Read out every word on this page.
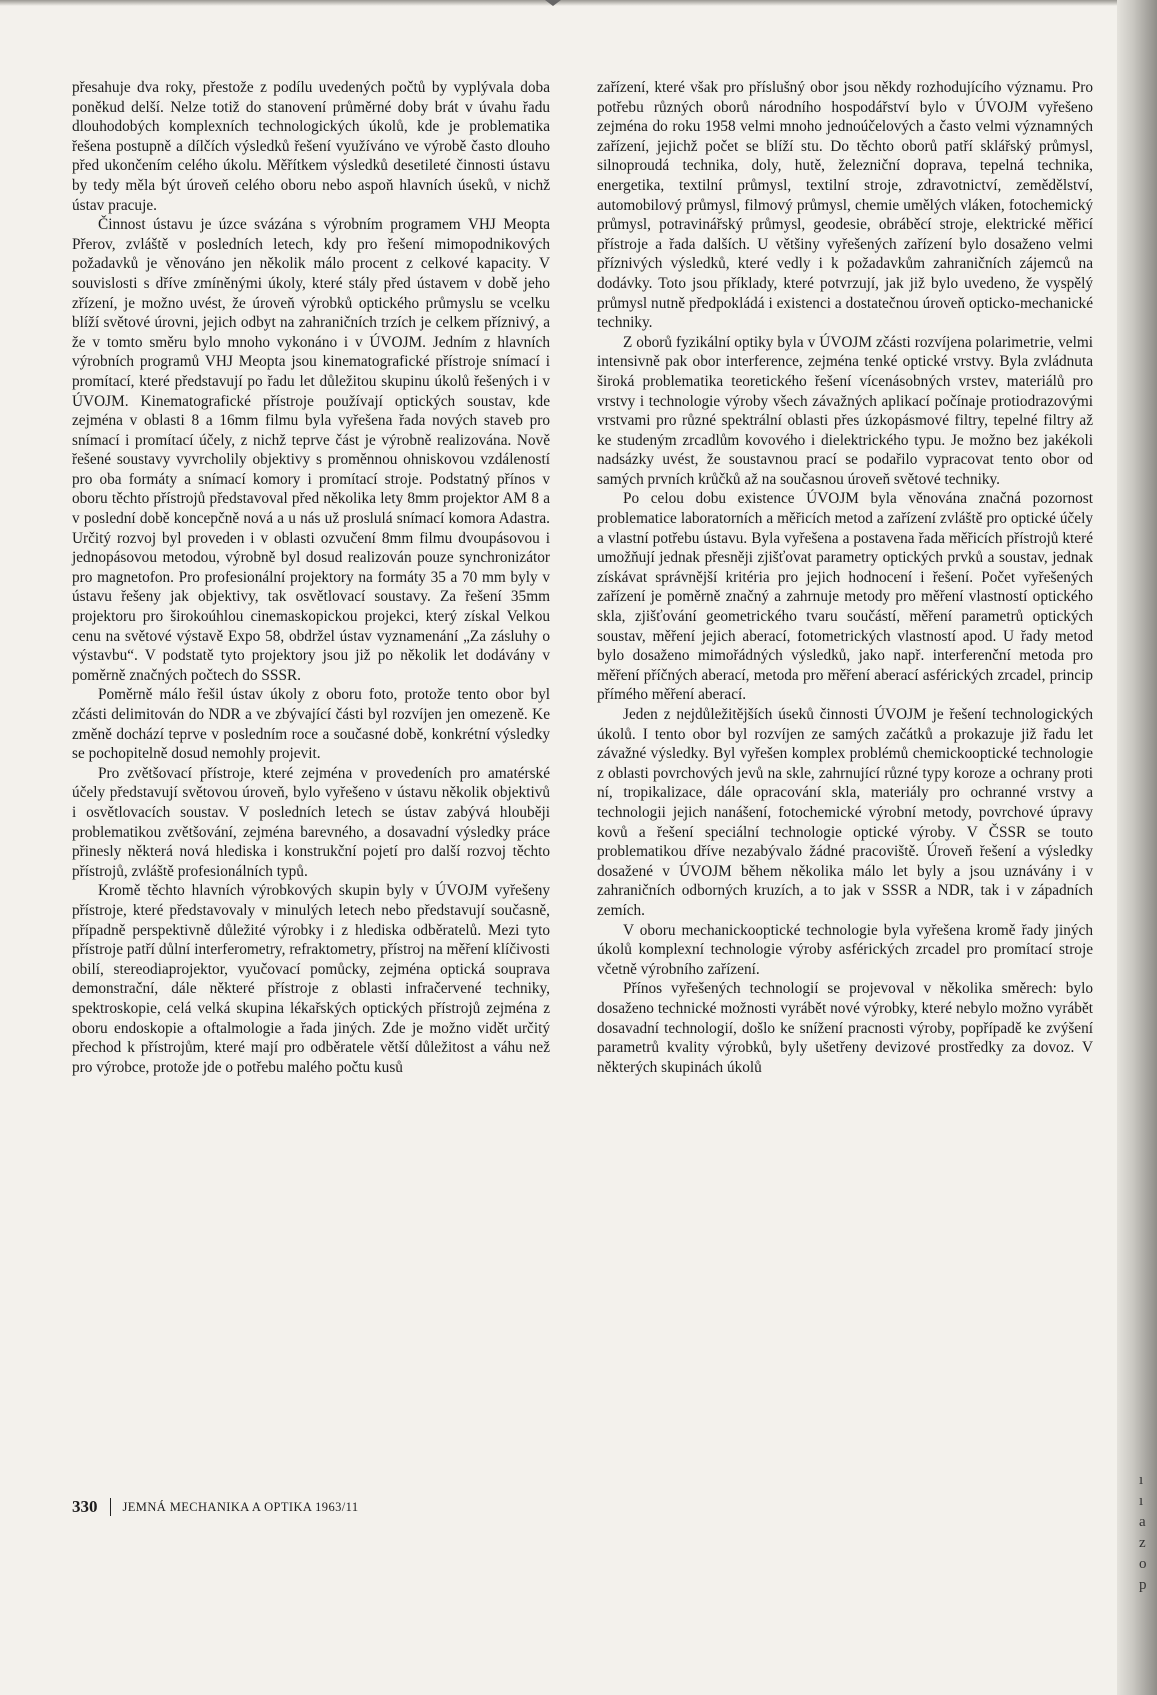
přesahuje dva roky, přestože z podílu uvedených počtů by vyplývala doba poněkud delší. Nelze totiž do stanovení průměrné doby brát v úvahu řadu dlouhodobých komplexních technologických úkolů, kde je problematika řešena postupně a dílčích výsledků řešení využíváno ve výrobě často dlouho před ukončením celého úkolu. Měřítkem výsledků desetileté činnosti ústavu by tedy měla být úroveň celého oboru nebo aspoň hlavních úseků, v nichž ústav pracuje.

Činnost ústavu je úzce svázána s výrobním programem VHJ Meopta Přerov, zvláště v posledních letech, kdy pro řešení mimopodnikových požadavků je věnováno jen několik málo procent z celkové kapacity. V souvislosti s dříve zmíněnými úkoly, které stály před ústavem v době jeho zřízení, je možno uvést, že úroveň výrobků optického průmyslu se vcelku blíží světové úrovni, jejich odbyt na zahraničních trzích je celkem příznivý, a že v tomto směru bylo mnoho vykonáno i v ÚVOJM. Jedním z hlavních výrobních programů VHJ Meopta jsou kinematografické přístroje snímací i promítací, které představují po řadu let důležitou skupinu úkolů řešených i v ÚVOJM. Kinematografické přístroje používají optických soustav, kde zejména v oblasti 8 a 16mm filmu byla vyřešena řada nových staveb pro snímací i promítací účely, z nichž teprve část je výrobně realizována. Nově řešené soustavy vyvrcholily objektivy s proměnnou ohniskovou vzdáleností pro oba formáty a snímací komory i promítací stroje. Podstatný přínos v oboru těchto přístrojů představoval před několika lety 8mm projektor AM 8 a v poslední době koncepčně nová a u nás už proslulá snímací komora Adastra. Určitý rozvoj byl proveden i v oblasti ozvučení 8mm filmu dvoupásovou i jednopásovou metodou, výrobně byl dosud realizován pouze synchronizátor pro magnetofon. Pro profesionální projektory na formáty 35 a 70 mm byly v ústavu řešeny jak objektivy, tak osvětlovací soustavy. Za řešení 35mm projektoru pro širokoúhlou cinemaskopickou projekci, který získal Velkou cenu na světové výstavě Expo 58, obdržel ústav vyznamenání „Za zásluhy o výstavbu“. V podstatě tyto projektory jsou již po několik let dodávány v poměrně značných počtech do SSSR.

Poměrně málo řešil ústav úkoly z oboru foto, protože tento obor byl zčásti delimitován do NDR a ve zbývající části byl rozvíjen jen omezeně. Ke změně dochází teprve v posledním roce a současné době, konkrétní výsledky se pochopitelně dosud nemohly projevit.

Pro zvětšovací přístroje, které zejména v provedeních pro amatérské účely představují světovou úroveň, bylo vyřešeno v ústavu několik objektivů i osvětlovacích soustav. V posledních letech se ústav zabývá hlouběji problematikou zvětšování, zejména barevného, a dosavadní výsledky práce přinesly některá nová hlediska i konstrukční pojetí pro další rozvoj těchto přístrojů, zvláště profesionálních typů.

Kromě těchto hlavních výrobkových skupin byly v ÚVOJM vyřešeny přístroje, které představovaly v minulých letech nebo představují současně, případně perspektivně důležité výrobky i z hlediska odběratelů. Mezi tyto přístroje patří důlní interferometry, refraktometry, přístroj na měření klíčivosti obilí, stereodiaprojektor, vyučovací pomůcky, zejména optická souprava demonstrační, dále některé přístroje z oblasti infračervené techniky, spektroskopie, celá velká skupina lékařských optických přístrojů zejména z oboru endoskopie a oftalmologie a řada jiných. Zde je možno vidět určitý přechod k přístrojům, které mají pro odběratele větší důležitost a váhu než pro výrobce, protože jde o potřebu malého počtu kusů

zařízení, které však pro příslušný obor jsou někdy rozhodujícího významu. Pro potřebu různých oborů národního hospodářství bylo v ÚVOJM vyřešeno zejména do roku 1958 velmi mnoho jednoúčelových a často velmi významných zařízení, jejichž počet se blíží stu. Do těchto oborů patří sklářský průmysl, silnoproudá technika, doly, hutě, železniční doprava, tepelná technika, energetika, textilní průmysl, textilní stroje, zdravotnictví, zemědělství, automobilový průmysl, filmový průmysl, chemie umělých vláken, fotochemický průmysl, potravinářský průmysl, geodesie, obráběcí stroje, elektrické měřicí přístroje a řada dalších. U většiny vyřešených zařízení bylo dosaženo velmi příznivých výsledků, které vedly i k požadavkům zahraničních zájemců na dodávky. Toto jsou příklady, které potvrzují, jak již bylo uvedeno, že vyspělý průmysl nutně předpokládá i existenci a dostatečnou úroveň opticko-mechanické techniky.

Z oborů fyzikální optiky byla v ÚVOJM zčásti rozvíjena polarimetrie, velmi intensivně pak obor interference, zejména tenké optické vrstvy. Byla zvládnuta široká problematika teoretického řešení vícenásobných vrstev, materiálů pro vrstvy i technologie výroby všech závažných aplikací počínaje protiodrazovými vrstvami pro různé spektrální oblasti přes úzkopásmové filtry, tepelné filtry až ke studeným zrcadlům kovového i dielektrického typu. Je možno bez jakékoli nadsázky uvést, že soustavnou prací se podařilo vypracovat tento obor od samých prvních krůčků až na současnou úroveň světové techniky.

Po celou dobu existence ÚVOJM byla věnována značná pozornost problematice laboratorních a měřicích metod a zařízení zvláště pro optické účely a vlastní potřebu ústavu. Byla vyřešena a postavena řada měřicích přístrojů které umožňují jednak přesněji zjišťovat parametry optických prvků a soustav, jednak získávat správnější kritéria pro jejich hodnocení i řešení. Počet vyřešených zařízení je poměrně značný a zahrnuje metody pro měření vlastností optického skla, zjišťování geometrického tvaru součástí, měření parametrů optických soustav, měření jejich aberací, fotometrických vlastností apod. U řady metod bylo dosaženo mimořádných výsledků, jako např. interferenční metoda pro měření příčných aberací, metoda pro měření aberací asférických zrcadel, princip přímého měření aberací.

Jeden z nejdůležitějších úseků činnosti ÚVOJM je řešení technologických úkolů. I tento obor byl rozvíjen ze samých začátků a prokazuje již řadu let závažné výsledky. Byl vyřešen komplex problémů chemickooptické technologie z oblasti povrchových jevů na skle, zahrnující různé typy koroze a ochrany proti ní, tropikalizace, dále opracování skla, materiály pro ochranné vrstvy a technologii jejich nanášení, fotochemické výrobní metody, povrchové úpravy kovů a řešení speciální technologie optické výroby. V ČSSR se touto problematikou dříve nezabývalo žádné pracoviště. Úroveň řešení a výsledky dosažené v ÚVOJM během několika málo let byly a jsou uznávány i v zahraničních odborných kruzích, a to jak v SSSR a NDR, tak i v západních zemích.

V oboru mechanickooptické technologie byla vyřešena kromě řady jiných úkolů komplexní technologie výroby asférických zrcadel pro promítací stroje včetně výrobního zařízení.

Přínos vyřešených technologií se projevoval v několika směrech: bylo dosaženo technické možnosti vyrábět nové výrobky, které nebylo možno vyrábět dosavadní technologií, došlo ke snížení pracnosti výroby, popřípadě ke zvýšení parametrů kvality výrobků, byly ušetřeny devizové prostředky za dovoz. V některých skupinách úkolů

330 JEMNÁ MECHANIKA A OPTIKA 1963/11
ı
ı
a
z
o
p
